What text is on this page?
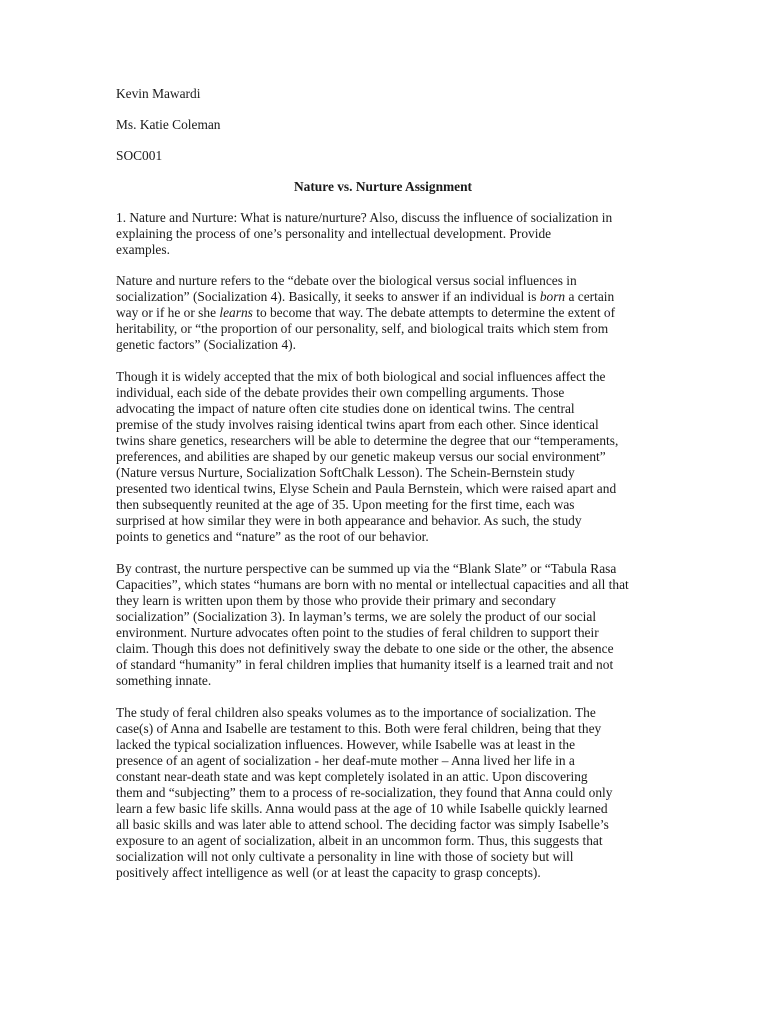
Kevin Mawardi
Ms. Katie Coleman
SOC001
Nature vs. Nurture Assignment
1. Nature and Nurture: What is nature/nurture? Also, discuss the influence of socialization in
explaining the process of one’s personality and intellectual development. Provide
examples.
Nature and nurture refers to the “debate over the biological versus social influences in
socialization” (Socialization 4). Basically, it seeks to answer if an individual is born a certain
way or if he or she learns to become that way. The debate attempts to determine the extent of
heritability, or “the proportion of our personality, self, and biological traits which stem from
genetic factors” (Socialization 4).
Though it is widely accepted that the mix of both biological and social influences affect the
individual, each side of the debate provides their own compelling arguments. Those
advocating the impact of nature often cite studies done on identical twins. The central
premise of the study involves raising identical twins apart from each other. Since identical
twins share genetics, researchers will be able to determine the degree that our “temperaments,
preferences, and abilities are shaped by our genetic makeup versus our social environment”
(Nature versus Nurture, Socialization SoftChalk Lesson). The Schein-Bernstein study
presented two identical twins, Elyse Schein and Paula Bernstein, which were raised apart and
then subsequently reunited at the age of 35. Upon meeting for the first time, each was
surprised at how similar they were in both appearance and behavior. As such, the study
points to genetics and “nature” as the root of our behavior.
By contrast, the nurture perspective can be summed up via the “Blank Slate” or “Tabula Rasa
Capacities”, which states “humans are born with no mental or intellectual capacities and all that
they learn is written upon them by those who provide their primary and secondary
socialization” (Socialization 3). In layman’s terms, we are solely the product of our social
environment. Nurture advocates often point to the studies of feral children to support their
claim. Though this does not definitively sway the debate to one side or the other, the absence
of standard “humanity” in feral children implies that humanity itself is a learned trait and not
something innate.
The study of feral children also speaks volumes as to the importance of socialization. The
case(s) of Anna and Isabelle are testament to this. Both were feral children, being that they
lacked the typical socialization influences. However, while Isabelle was at least in the
presence of an agent of socialization - her deaf-mute mother – Anna lived her life in a
constant near-death state and was kept completely isolated in an attic. Upon discovering
them and “subjecting” them to a process of re-socialization, they found that Anna could only
learn a few basic life skills. Anna would pass at the age of 10 while Isabelle quickly learned
all basic skills and was later able to attend school. The deciding factor was simply Isabelle’s
exposure to an agent of socialization, albeit in an uncommon form. Thus, this suggests that
socialization will not only cultivate a personality in line with those of society but will
positively affect intelligence as well (or at least the capacity to grasp concepts).
